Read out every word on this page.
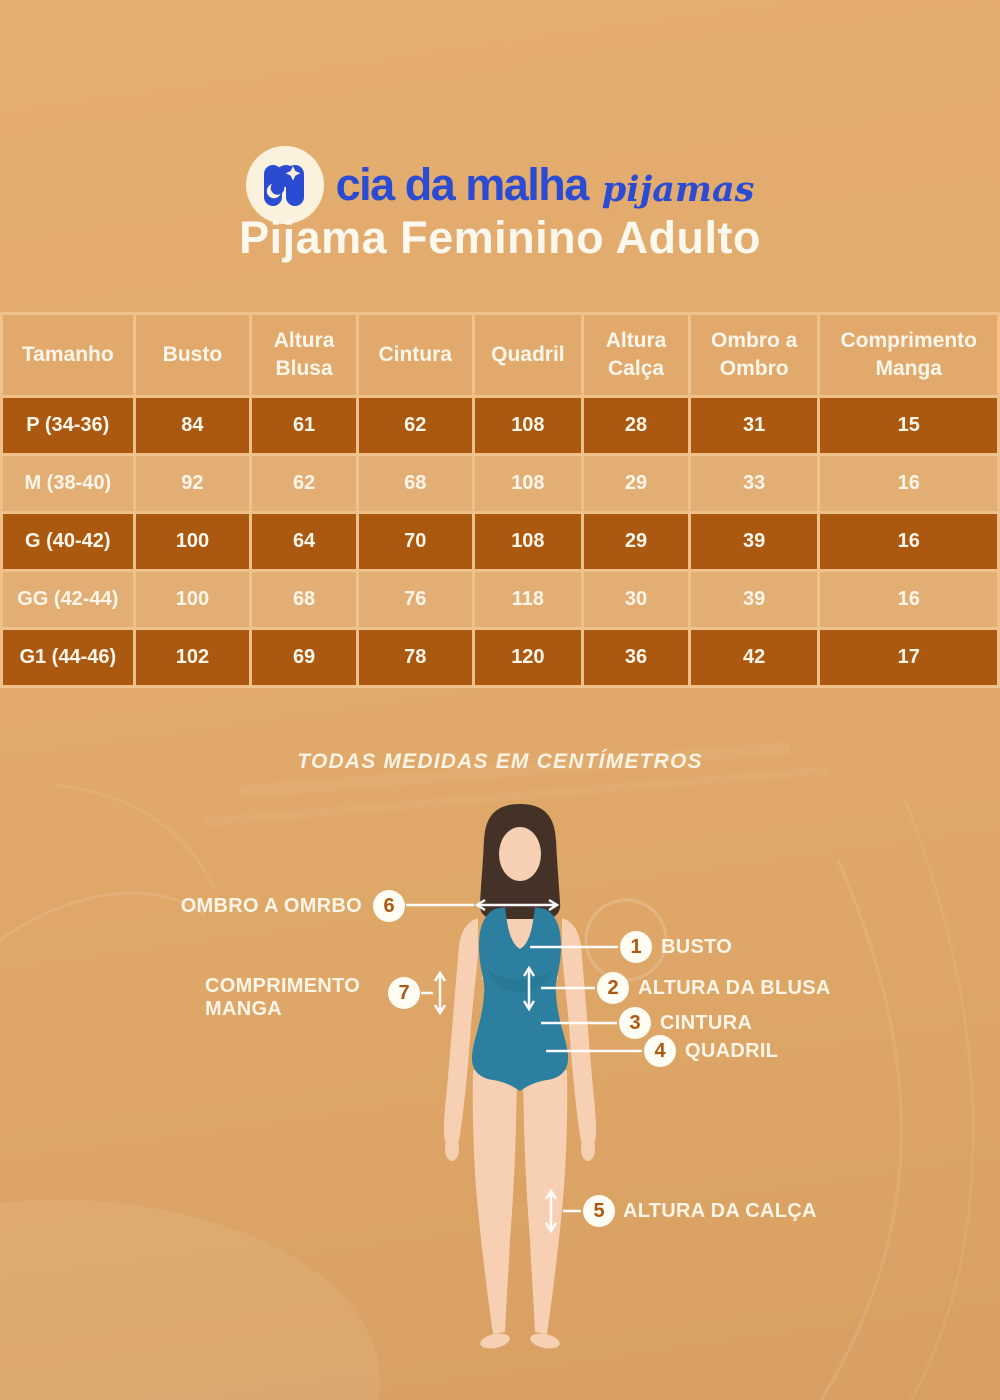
cia da malha pijamas
Pijama Feminino Adulto
Tamanho	Busto	Altura Blusa	Cintura	Quadril	Altura Calça	Ombro a Ombro	Comprimento Manga
P (34-36)	84	61	62	108	28	31	15
M (38-40)	92	62	68	108	29	33	16
G (40-42)	100	64	70	108	29	39	16
GG (42-44)	100	68	76	118	30	39	16
G1 (44-46)	102	69	78	120	36	42	17
TODAS MEDIDAS EM CENTÍMETROS
1
2
3
4
5
6
7
BUSTO
ALTURA DA BLUSA
CINTURA
QUADRIL
ALTURA DA CALÇA
OMBRO A OMRBO
COMPRIMENTO MANGA
